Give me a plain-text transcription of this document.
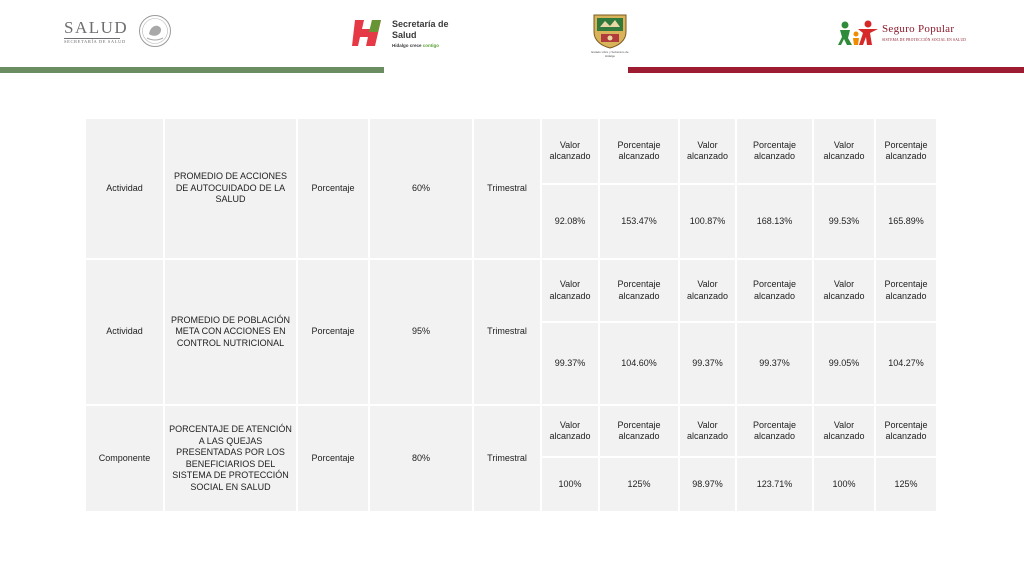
SALUD
SECRETARÍA DE SALUD
Secretaría de
Salud
Hidalgo crece contigo
Estado Libre y Soberano de Hidalgo
Seguro Popular
SISTEMA DE PROTECCIÓN SOCIAL EN SALUD
Actividad	PROMEDIO DE ACCIONES DE AUTOCUIDADO DE LA SALUD	Porcentaje	60%	Trimestral	Valor alcanzado	Porcentaje alcanzado	Valor alcanzado	Porcentaje alcanzado	Valor alcanzado	Porcentaje alcanzado
					92.08%	153.47%	100.87%	168.13%	99.53%	165.89%
Actividad	PROMEDIO DE POBLACIÓN META CON ACCIONES EN CONTROL NUTRICIONAL	Porcentaje	95%	Trimestral	Valor alcanzado	Porcentaje alcanzado	Valor alcanzado	Porcentaje alcanzado	Valor alcanzado	Porcentaje alcanzado
					99.37%	104.60%	99.37%	99.37%	99.05%	104.27%
Componente	PORCENTAJE DE ATENCIÓN A LAS QUEJAS PRESENTADAS POR LOS BENEFICIARIOS DEL SISTEMA DE PROTECCIÓN SOCIAL EN SALUD	Porcentaje	80%	Trimestral	Valor alcanzado	Porcentaje alcanzado	Valor alcanzado	Porcentaje alcanzado	Valor alcanzado	Porcentaje alcanzado
					100%	125%	98.97%	123.71%	100%	125%
